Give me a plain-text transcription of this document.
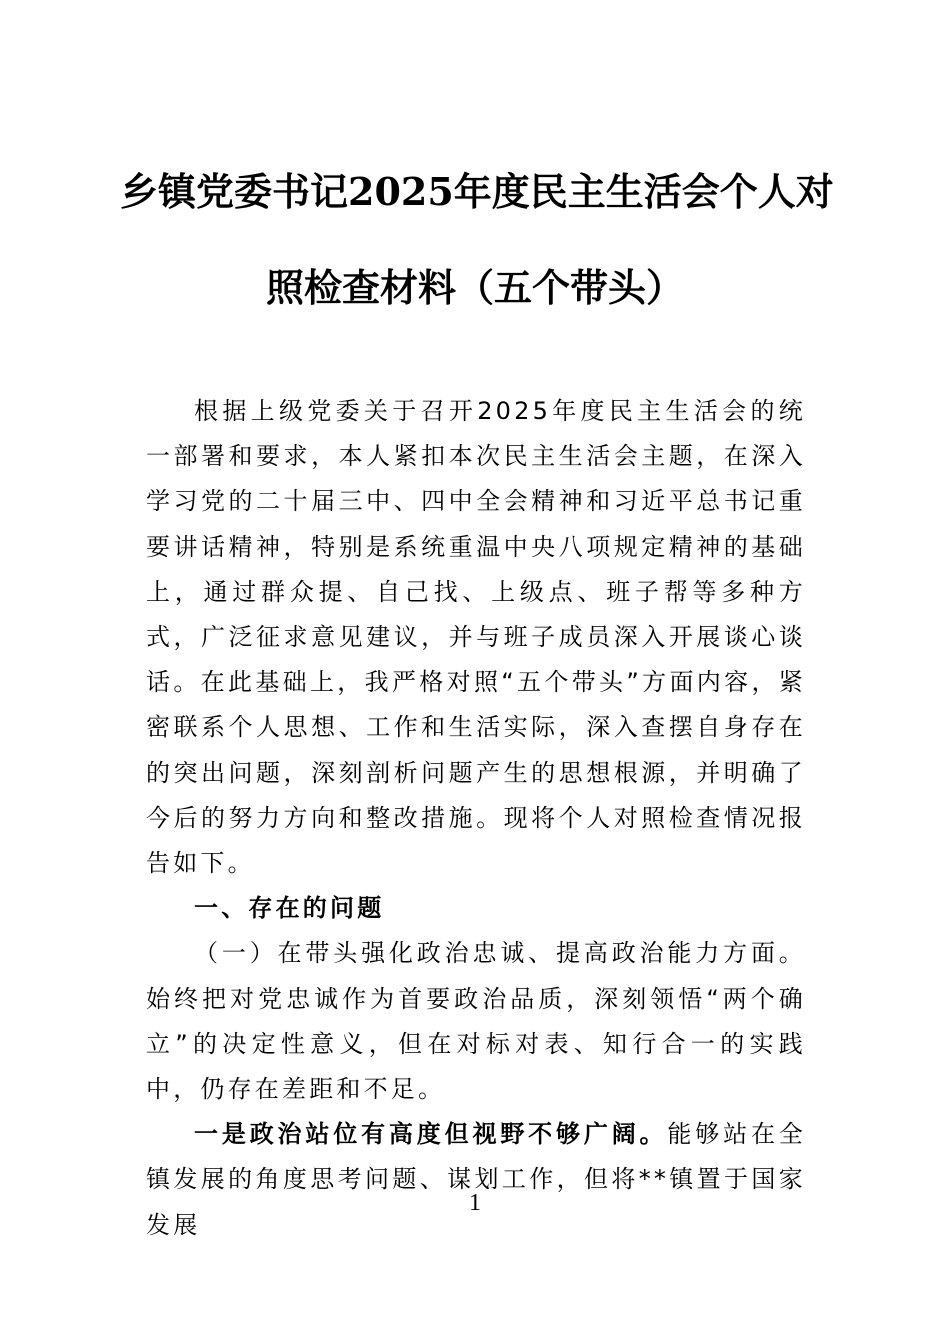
乡镇党委书记2025年度民主生活会个人对
照检查材料（五个带头）

根据上级党委关于召开2025年度民主生活会的统一部署和要求，本人紧扣本次民主生活会主题，在深入学习党的二十届三中、四中全会精神和习近平总书记重要讲话精神，特别是系统重温中央八项规定精神的基础上，通过群众提、自己找、上级点、班子帮等多种方式，广泛征求意见建议，并与班子成员深入开展谈心谈话。在此基础上，我严格对照“五个带头”方面内容，紧密联系个人思想、工作和生活实际，深入查摆自身存在的突出问题，深刻剖析问题产生的思想根源，并明确了今后的努力方向和整改措施。现将个人对照检查情况报告如下。

一、存在的问题

（一）在带头强化政治忠诚、提高政治能力方面。始终把对党忠诚作为首要政治品质，深刻领悟“两个确立”的决定性意义，但在对标对表、知行合一的实践中，仍存在差距和不足。

一是政治站位有高度但视野不够广阔。能够站在全镇发展的角度思考问题、谋划工作，但将**镇置于国家发展

1
